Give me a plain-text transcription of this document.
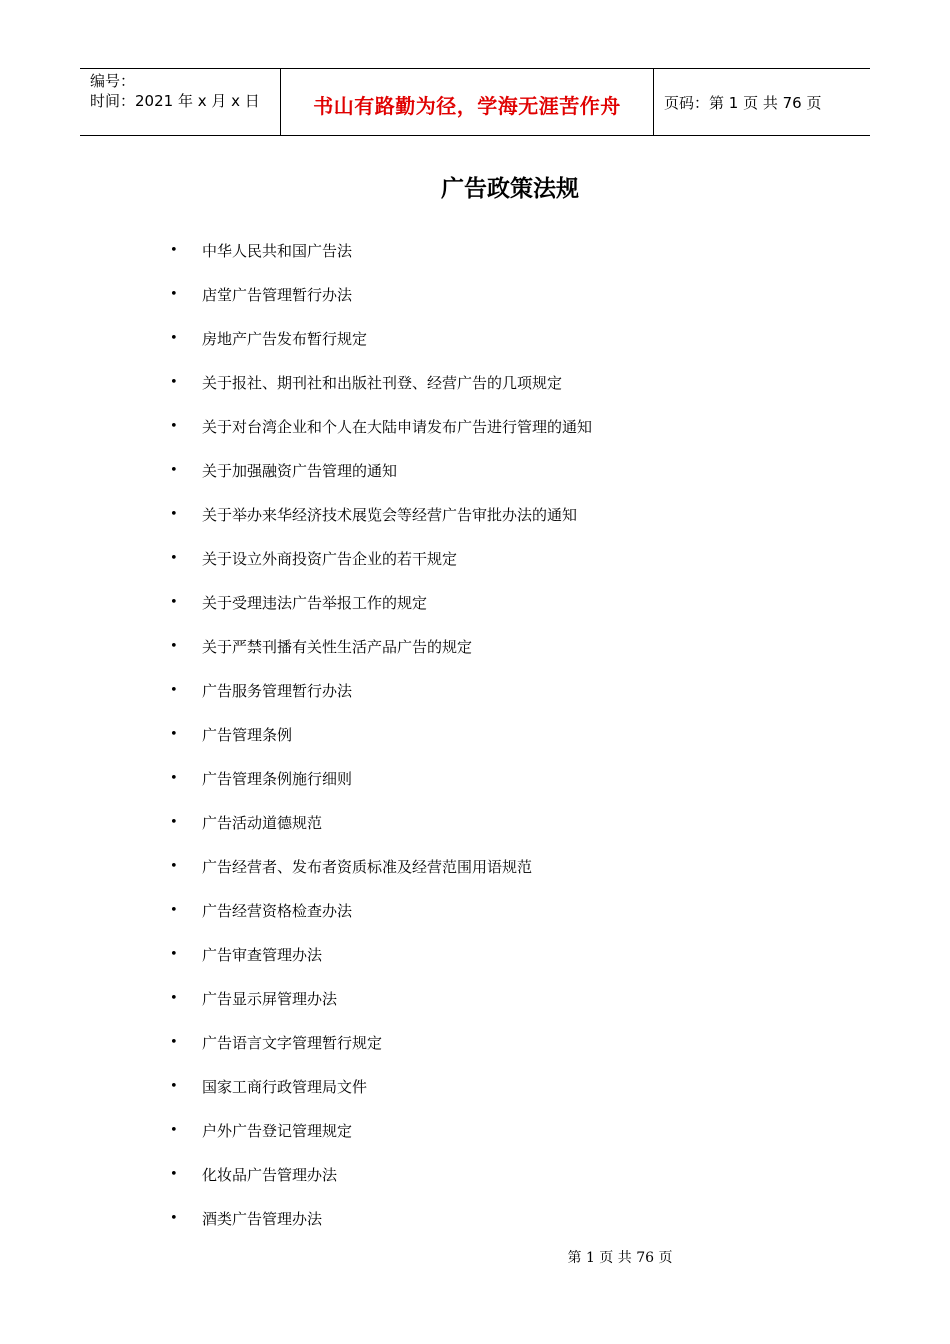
编号：
时间：2021 年 x 月 x 日	书山有路勤为径，学海无涯苦作舟	页码：第 1 页 共 76 页
广告政策法规
•	中华人民共和国广告法
•	店堂广告管理暂行办法
•	房地产广告发布暂行规定
•	关于报社、期刊社和出版社刊登、经营广告的几项规定
•	关于对台湾企业和个人在大陆申请发布广告进行管理的通知
•	关于加强融资广告管理的通知
•	关于举办来华经济技术展览会等经营广告审批办法的通知
•	关于设立外商投资广告企业的若干规定
•	关于受理违法广告举报工作的规定
•	关于严禁刊播有关性生活产品广告的规定
•	广告服务管理暂行办法
•	广告管理条例
•	广告管理条例施行细则
•	广告活动道德规范
•	广告经营者、发布者资质标准及经营范围用语规范
•	广告经营资格检查办法
•	广告审查管理办法
•	广告显示屏管理办法
•	广告语言文字管理暂行规定
•	国家工商行政管理局文件
•	户外广告登记管理规定
•	化妆品广告管理办法
•	酒类广告管理办法
第 1 页 共 76 页
